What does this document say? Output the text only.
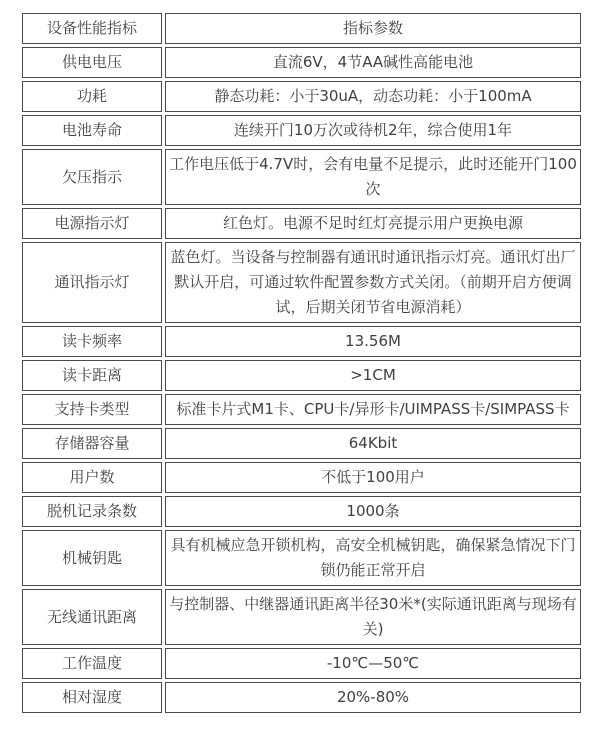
设备性能指标	指标参数
供电电压	直流6V，4节AA碱性高能电池
功耗	静态功耗：小于30uA，动态功耗：小于100mA
电池寿命	连续开门10万次或待机2年，综合使用1年
欠压指示	工作电压低于4.7V时，会有电量不足提示，此时还能开门100次
电源指示灯	红色灯。电源不足时红灯亮提示用户更换电源
通讯指示灯	蓝色灯。当设备与控制器有通讯时通讯指示灯亮。通讯灯出厂默认开启，可通过软件配置参数方式关闭。（前期开启方便调试，后期关闭节省电源消耗）
读卡频率	13.56M
读卡距离	>1CM
支持卡类型	标准卡片式M1卡、CPU卡/异形卡/UIMPASS卡/SIMPASS卡
存储器容量	64Kbit
用户数	不低于100用户
脱机记录条数	1000条
机械钥匙	具有机械应急开锁机构，高安全机械钥匙，确保紧急情况下门锁仍能正常开启
无线通讯距离	与控制器、中继器通讯距离半径30米*(实际通讯距离与现场有关)
工作温度	-10℃—50℃
相对湿度	20%-80%
